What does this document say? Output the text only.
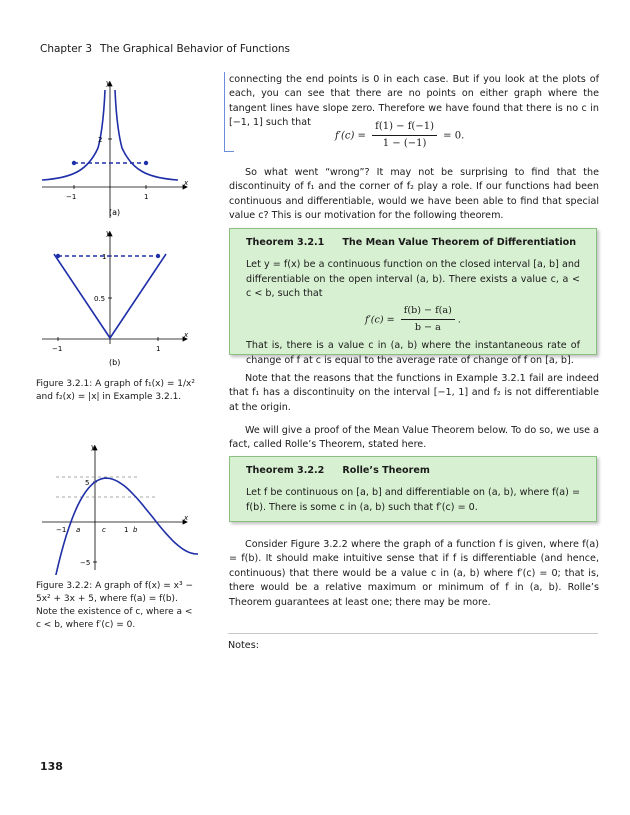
Chapter 3 The Graphical Behavior of Functions

connecting the end points is 0 in each case. But if you look at the plots of each, you can see that there are no points on either graph where the tangent lines have slope zero. Therefore we have found that there is no c in [−1, 1] such that

$f'(c) = \frac{f(1) - f(-1)}{1 - (-1)} = 0$.

So what went “wrong”? It may not be surprising to find that the discontinuity of f₁ and the corner of f₂ play a role. If our functions had been continuous and differentiable, would we have been able to find that special value c? This is our motivation for the following theorem.

Theorem 3.2.1 The Mean Value Theorem of Differentiation

Let y = f(x) be a continuous function on the closed interval [a, b] and differentiable on the open interval (a, b). There exists a value c, a < c < b, such that

$f'(c) = \frac{f(b) - f(a)}{b - a}$ .

That is, there is a value c in (a, b) where the instantaneous rate of change of f at c is equal to the average rate of change of f on [a, b].

Note that the reasons that the functions in Example 3.2.1 fail are indeed that f₁ has a discontinuity on the interval [−1, 1] and f₂ is not differentiable at the origin.

We will give a proof of the Mean Value Theorem below. To do so, we use a fact, called Rolle’s Theorem, stated here.

Theorem 3.2.2 Rolle’s Theorem

Let f be continuous on [a, b] and differentiable on (a, b), where f(a) = f(b). There is some c in (a, b) such that f′(c) = 0.

Consider Figure 3.2.2 where the graph of a function f is given, where f(a) = f(b). It should make intuitive sense that if f is differentiable (and hence, continuous) that there would be a value c in (a, b) where f′(c) = 0; that is, there would be a relative maximum or minimum of f in (a, b). Rolle’s Theorem guarantees at least one; there may be more.

Notes:
x
y
2
−1	1
(a)
x
y
0.5
1
−1	1
(b)
Figure 3.2.1: A graph of f₁(x) = 1/x² and f₂(x) = |x| in Example 3.2.1.
x
y
5
−5
−1 a	c	1 b
Figure 3.2.2: A graph of f(x) = x³ − 5x² + 3x + 5, where f(a) = f(b). Note the existence of c, where a < c < b, where f′(c) = 0.
138
